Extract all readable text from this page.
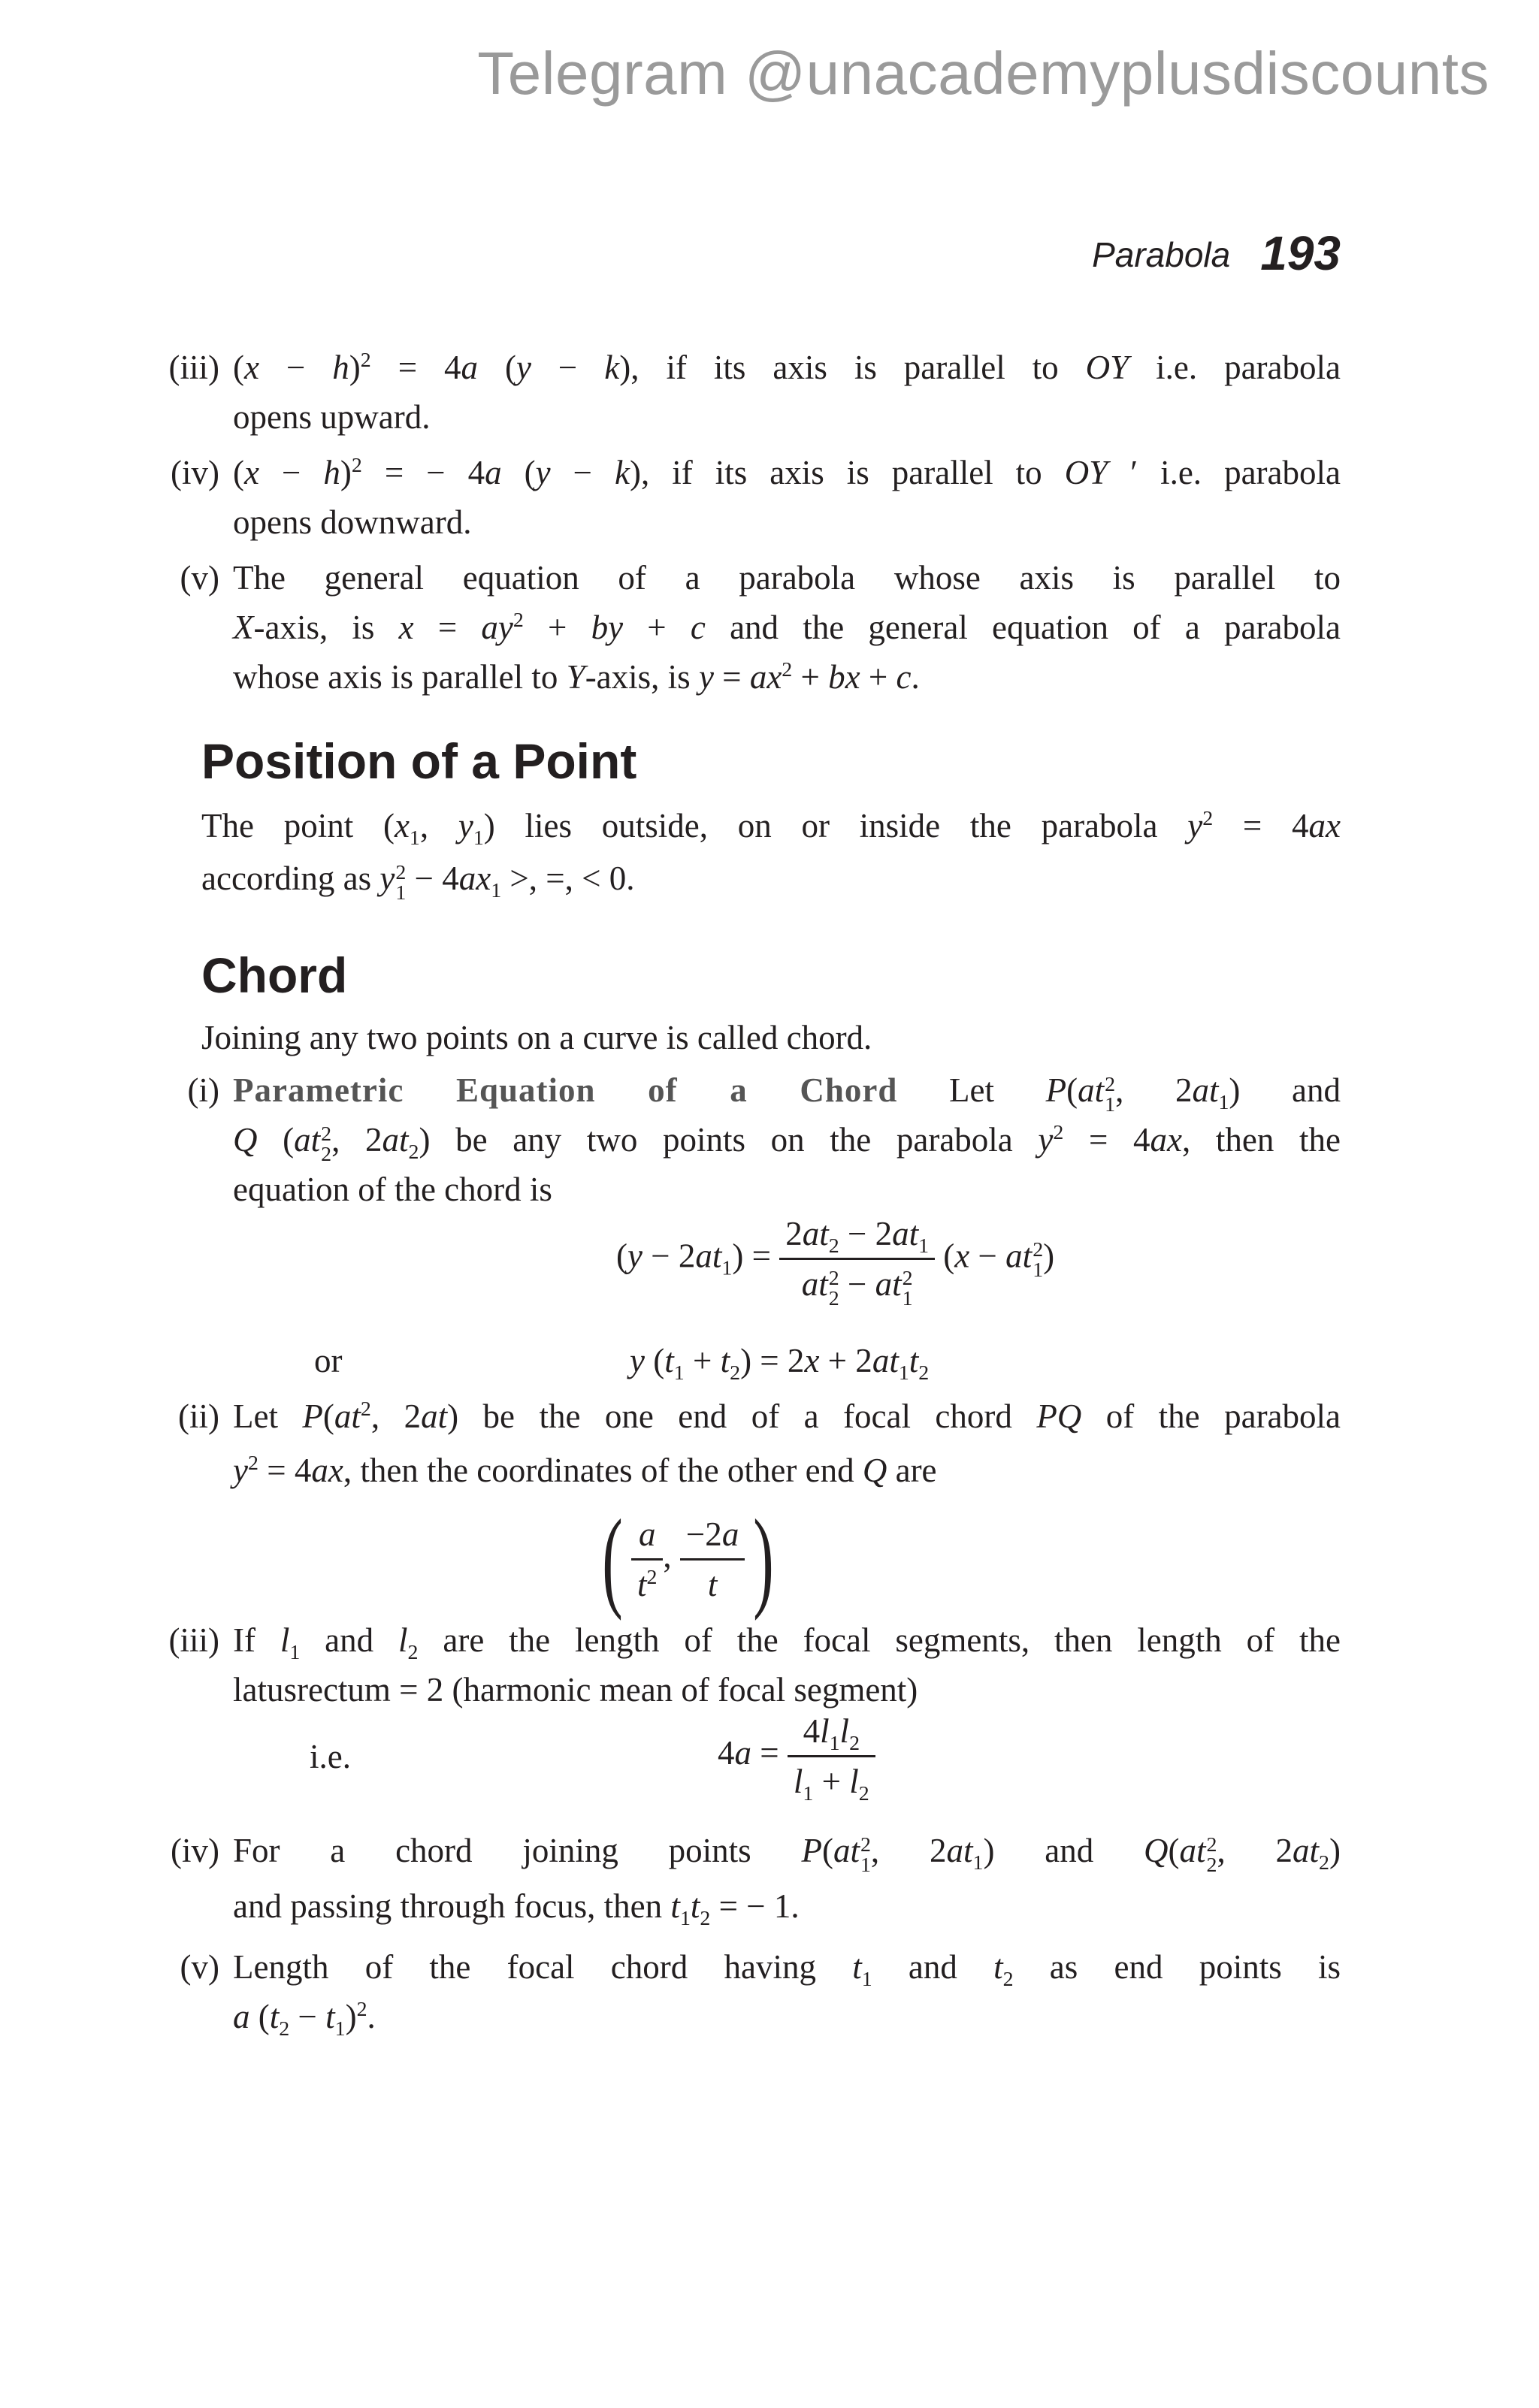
Telegram @unacademyplusdiscounts
Parabola 193
(iii) $(x - h)^2 = 4a$ (y − k), if its axis is parallel to OY i.e. parabola
opens upward.
(iv) $(x - h)^2$ = − 4a (y − k), if its axis is parallel to OY ′ i.e. parabola
opens downward.
(v) The general equation of a parabola whose axis is parallel to
X-axis, is $x = ay^2$ + by + c and the general equation of a parabola
whose axis is parallel to Y-axis, is $y = ax^2$ + bx + c.
Position of a Point
The point ($x_1$, $y_1$) lies outside, on or inside the parabola $y^2 = 4ax$
according as y 2
$1 - 4ax_1$ >, =, < 0.
Chord
Joining any two points on a curve is called chord.
(i) Parametric Equation of a Chord Let P(at 2
1 , $2at_1$) and
Q (at 2
2 , $2at_2$) be any two points on the parabola $y^2 = 4ax$, then the
equation of the chord is
$(y - 2at_1) = 2at_2 - 2at_1$
at 2
2 − at 2
1 (x − at 2
1 )
or	y $(t_1 + t_2) = 2x + 2at_1t_2$
(ii) Let $P(at^2$, 2at) be the one end of a focal chord PQ of the parabola
$y^2 = 4ax$, then the coordinates of the other end Q are
( $\frac{a}{t^2}$ , $\frac{-2a}{t}$ )
(iii) If $l_1$ and $l_2$ are the length of the focal segments, then length of the
latusrectum = 2 (harmonic mean of focal segment)
i.e.	$4a = \frac{4l_1l_2}{l_1 + l_2}$
(iv) For a chord joining points P(at 2
1 , $2at_1$) and Q(at 2
2 , $2at_2$)
and passing through focus, then $t_1t_2$ = − 1.
(v) Length of the focal chord having $t_1$ and $t_2$ as end points is
a $(t_2 - t_1)^2$.
